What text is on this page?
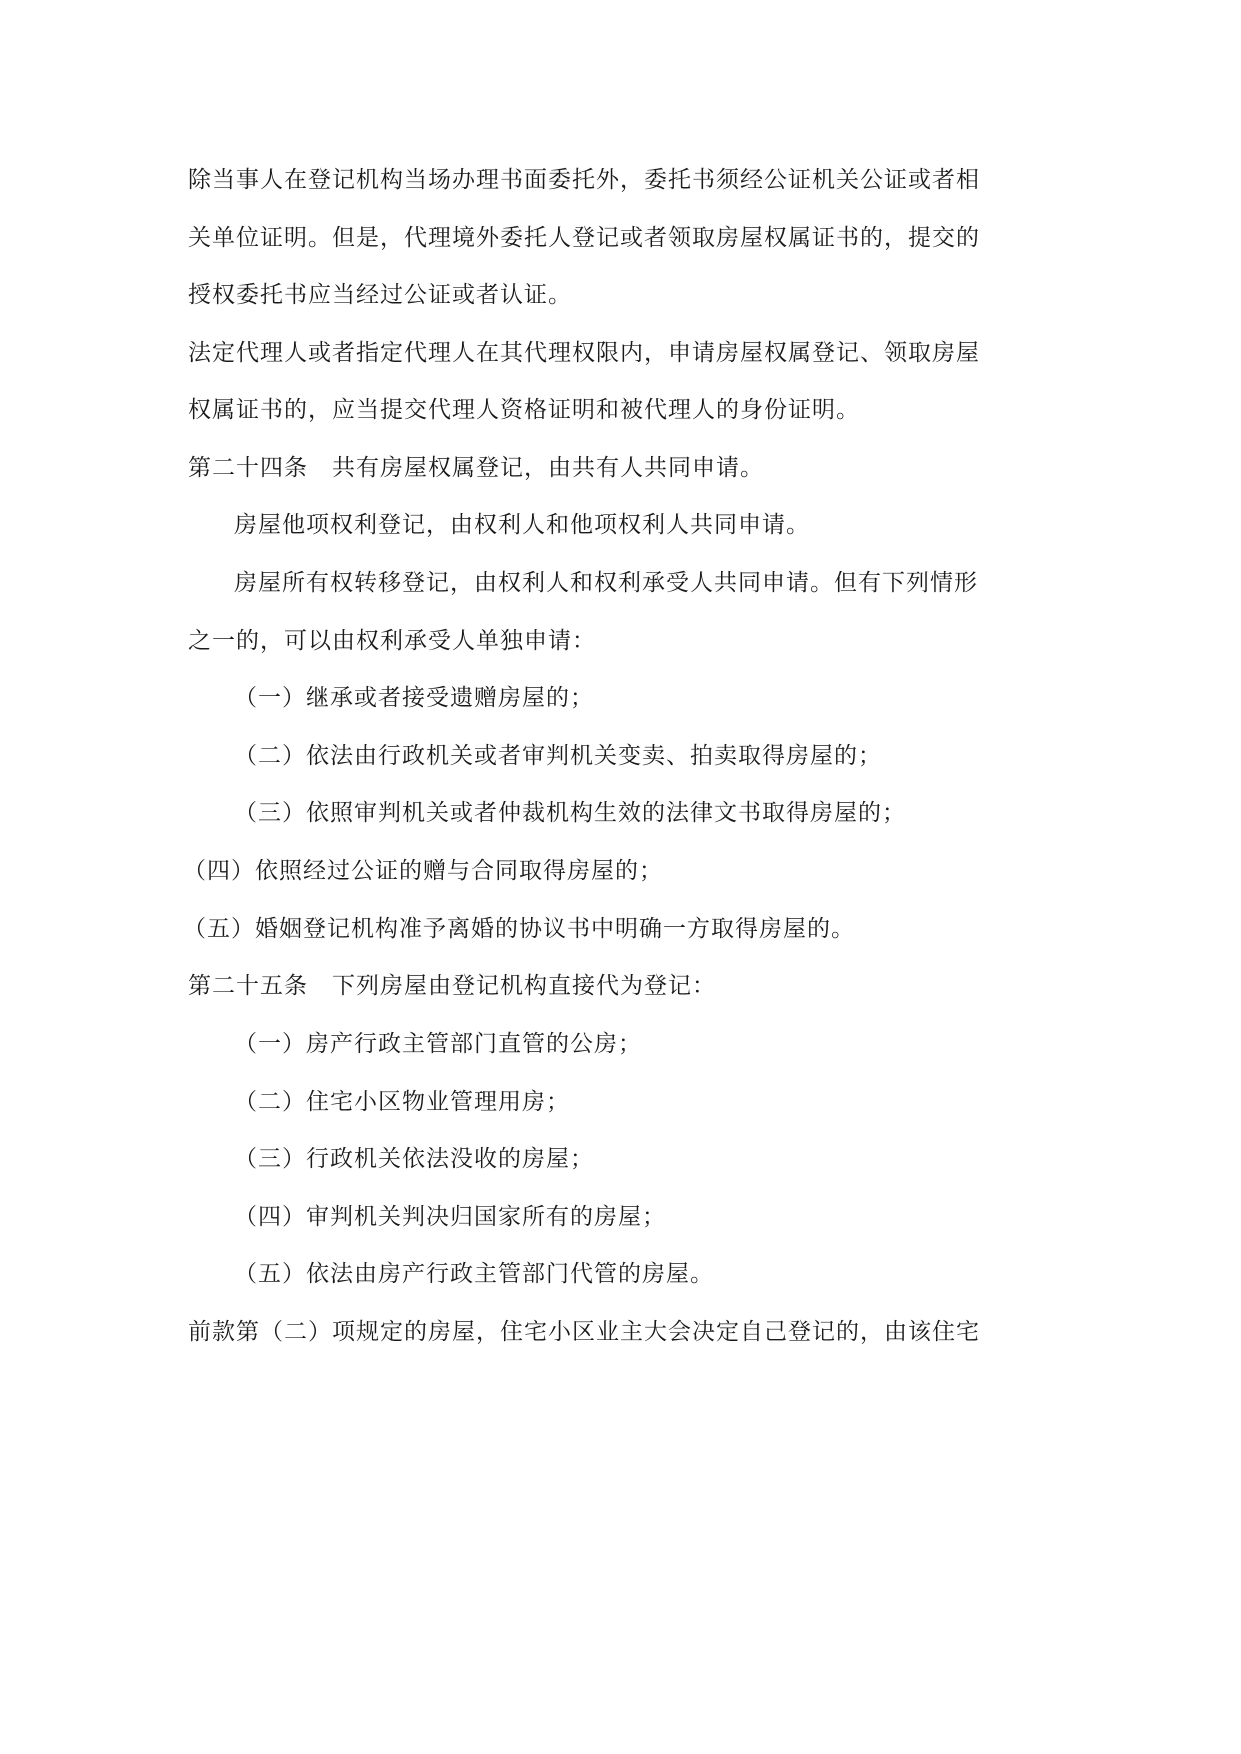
除当事人在登记机构当场办理书面委托外，委托书须经公证机关公证或者相
关单位证明。但是，代理境外委托人登记或者领取房屋权属证书的，提交的
授权委托书应当经过公证或者认证。
法定代理人或者指定代理人在其代理权限内，申请房屋权属登记、领取房屋
权属证书的，应当提交代理人资格证明和被代理人的身份证明。
第二十四条　共有房屋权属登记，由共有人共同申请。
房屋他项权利登记，由权利人和他项权利人共同申请。
房屋所有权转移登记，由权利人和权利承受人共同申请。但有下列情形
之一的，可以由权利承受人单独申请：
（一）继承或者接受遗赠房屋的；
（二）依法由行政机关或者审判机关变卖、拍卖取得房屋的；
（三）依照审判机关或者仲裁机构生效的法律文书取得房屋的；
（四）依照经过公证的赠与合同取得房屋的；
（五）婚姻登记机构准予离婚的协议书中明确一方取得房屋的。
第二十五条　下列房屋由登记机构直接代为登记：
（一）房产行政主管部门直管的公房；
（二）住宅小区物业管理用房；
（三）行政机关依法没收的房屋；
（四）审判机关判决归国家所有的房屋；
（五）依法由房产行政主管部门代管的房屋。
前款第（二）项规定的房屋，住宅小区业主大会决定自己登记的，由该住宅
